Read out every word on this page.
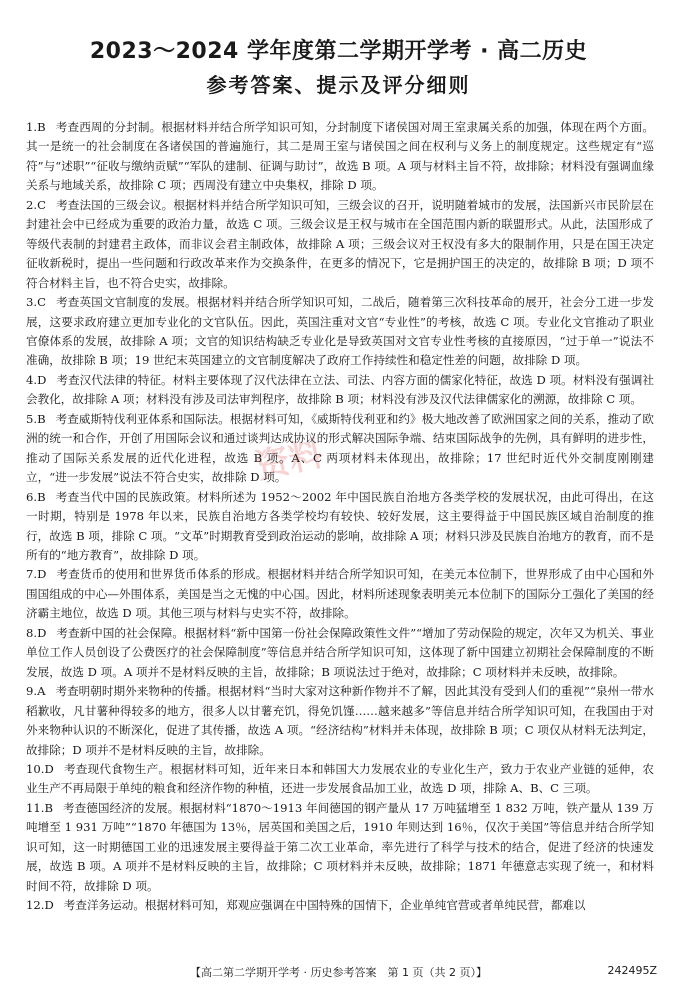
2023～2024 学年度第二学期开学考 · 高二历史
参考答案、提示及评分细则
资料

1.B 考查西周的分封制。根据材料并结合所学知识可知，分封制度下诸侯国对周王室隶属关系的加强，体现在两个方面。其一是统一的社会制度在各诸侯国的普遍施行，其二是周王室与诸侯国之间在权利与义务上的制度规定。这些规定有“巡符”与“述职”“征收与缴纳贡赋”“军队的建制、征调与助讨”，故选 B 项。A 项与材料主旨不符，故排除；材料没有强调血缘关系与地域关系，故排除 C 项；西周没有建立中央集权，排除 D 项。

2.C 考查法国的三级会议。根据材料并结合所学知识可知，三级会议的召开，说明随着城市的发展，法国新兴市民阶层在封建社会中已经成为重要的政治力量，故选 C 项。三级会议是王权与城市在全国范围内新的联盟形式。从此，法国形成了等级代表制的封建君主政体，而非议会君主制政体，故排除 A 项；三级会议对王权没有多大的限制作用，只是在国王决定征收新税时，提出一些问题和行政改革来作为交换条件，在更多的情况下，它是拥护国王的决定的，故排除 B 项；D 项不符合材料主旨，也不符合史实，故排除。

3.C 考查英国文官制度的发展。根据材料并结合所学知识可知，二战后，随着第三次科技革命的展开，社会分工进一步发展，这要求政府建立更加专业化的文官队伍。因此，英国注重对文官“专业性”的考核，故选 C 项。专业化文官推动了职业官僚体系的发展，故排除 A 项；文官的知识结构缺乏专业化是导致英国对文官专业性考核的直接原因，“过于单一”说法不准确，故排除 B 项；19 世纪末英国建立的文官制度解决了政府工作持续性和稳定性差的问题，故排除 D 项。

4.D 考查汉代法律的特征。材料主要体现了汉代法律在立法、司法、内容方面的儒家化特征，故选 D 项。材料没有强调社会教化，故排除 A 项；材料没有涉及司法审判程序，故排除 B 项；材料没有涉及汉代法律儒家化的溯源，故排除 C 项。

5.B 考查威斯特伐利亚体系和国际法。根据材料可知，《威斯特伐利亚和约》极大地改善了欧洲国家之间的关系，推动了欧洲的统一和合作，开创了用国际会议和通过谈判达成协议的形式解决国际争端、结束国际战争的先例，具有鲜明的进步性，推动了国际关系发展的近代化进程，故选 B 项。A、C 两项材料未体现出，故排除；17 世纪时近代外交制度刚刚建立，“进一步发展”说法不符合史实，故排除 D 项。

6.B 考查当代中国的民族政策。材料所述为 1952～2002 年中国民族自治地方各类学校的发展状况，由此可得出，在这一时期，特别是 1978 年以来，民族自治地方各类学校均有较快、较好发展，这主要得益于中国民族区域自治制度的推行，故选 B 项，排除 C 项。“文革”时期教育受到政治运动的影响，故排除 A 项；材料只涉及民族自治地方的教育，而不是所有的“地方教育”，故排除 D 项。

7.D 考查货币的使用和世界货币体系的形成。根据材料并结合所学知识可知，在美元本位制下，世界形成了由中心国和外围国组成的中心—外围体系，美国是当之无愧的中心国。因此，材料所述现象表明美元本位制下的国际分工强化了美国的经济霸主地位，故选 D 项。其他三项与材料与史实不符，故排除。

8.D 考查新中国的社会保障。根据材料“新中国第一份社会保障政策性文件”“增加了劳动保险的规定，次年又为机关、事业单位工作人员创设了公费医疗的社会保障制度”等信息并结合所学知识可知，这体现了新中国建立初期社会保障制度的不断发展，故选 D 项。A 项并不是材料反映的主旨，故排除；B 项说法过于绝对，故排除；C 项材料并未反映，故排除。

9.A 考查明朝时期外来物种的传播。根据材料“当时大家对这种新作物并不了解，因此其没有受到人们的重视”“泉州一带水稻歉收，凡甘薯种得较多的地方，很多人以甘薯充饥，得免饥馑……越来越多”等信息并结合所学知识可知，在我国由于对外来物种认识的不断深化，促进了其传播，故选 A 项。“经济结构”材料并未体现，故排除 B 项；C 项仅从材料无法判定，故排除；D 项并不是材料反映的主旨，故排除。

10.D 考查现代食物生产。根据材料可知，近年来日本和韩国大力发展农业的专业化生产，致力于农业产业链的延伸，农业生产不再局限于单纯的粮食和经济作物的种植，还进一步发展食品加工业，故选 D 项，排除 A、B、C 三项。

11.B 考查德国经济的发展。根据材料“1870～1913 年间德国的钢产量从 17 万吨猛增至 1 832 万吨，铁产量从 139 万吨增至 1 931 万吨”“1870 年德国为 13％，居英国和美国之后，1910 年则达到 16％，仅次于美国”等信息并结合所学知识可知，这一时期德国工业的迅速发展主要得益于第二次工业革命，率先进行了科学与技术的结合，促进了经济的快速发展，故选 B 项。A 项并不是材料反映的主旨，故排除；C 项材料并未反映，故排除；1871 年德意志实现了统一，和材料时间不符，故排除 D 项。

12.D 考查洋务运动。根据材料可知，郑观应强调在中国特殊的国情下，企业单纯官营或者单纯民营，都难以

【高二第二学期开学考 · 历史参考答案　第 1 页（共 2 页）】	242495Z
